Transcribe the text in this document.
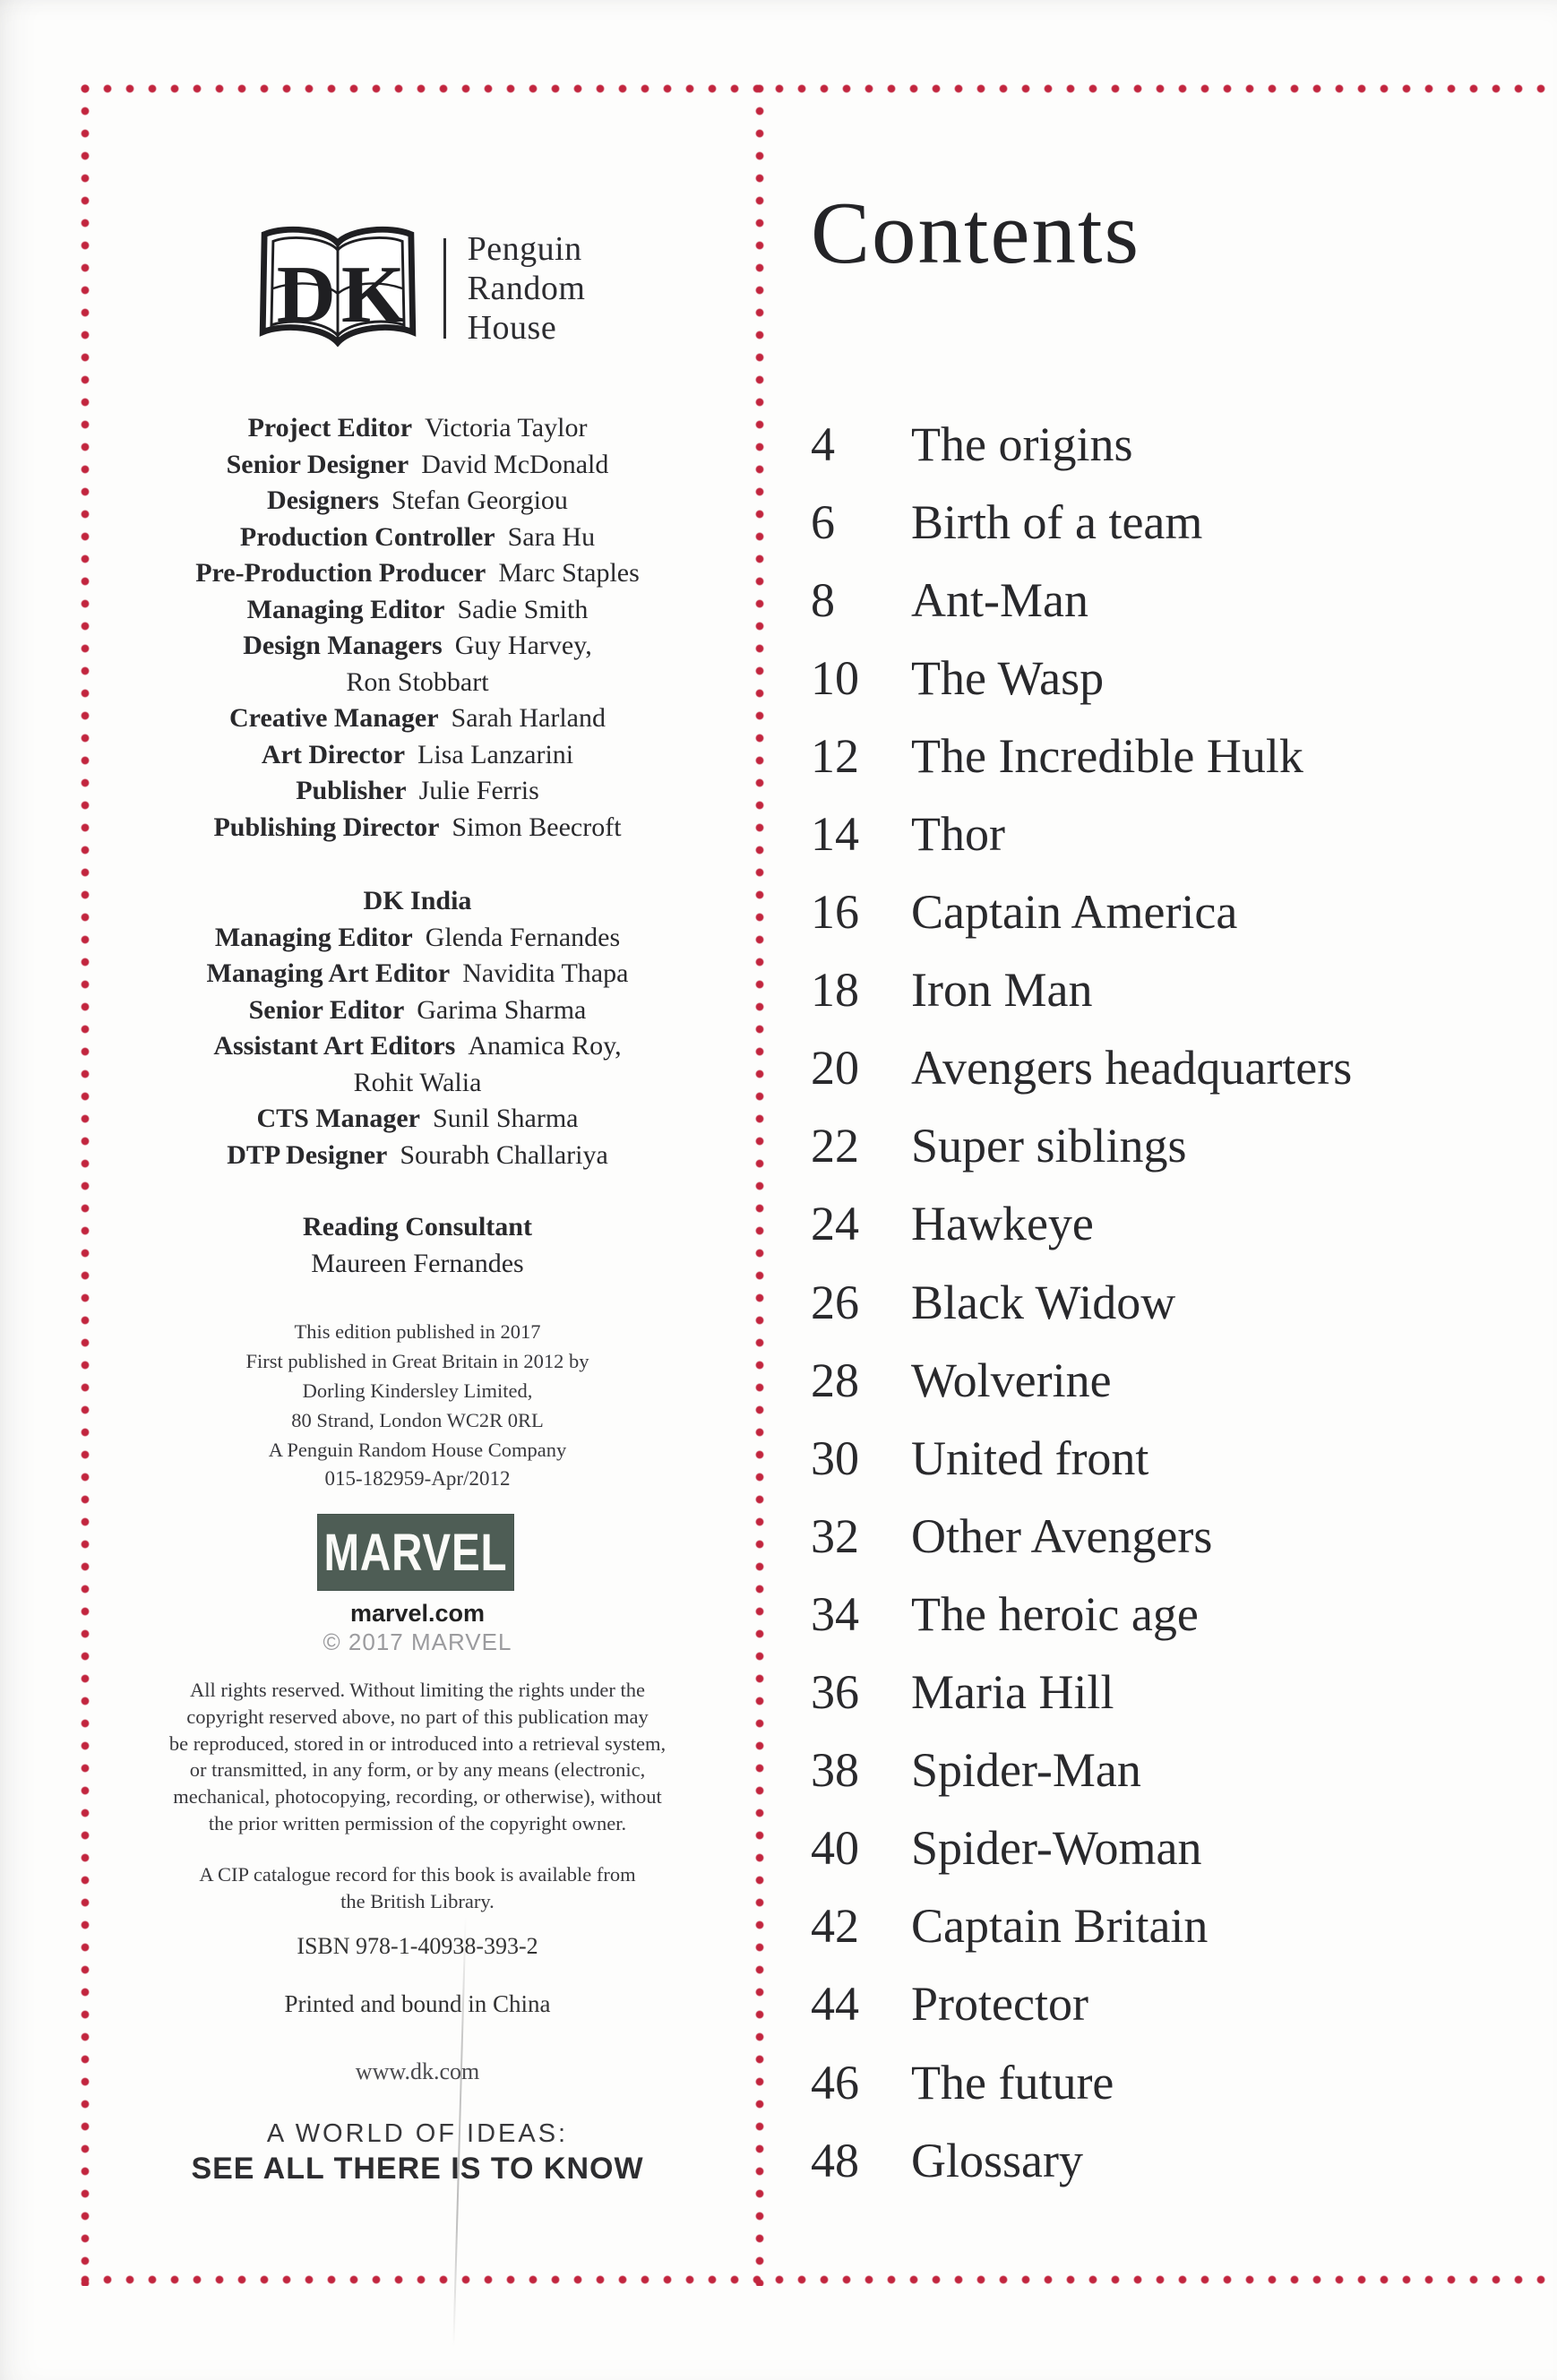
D K Penguin
Random
House
Project Editor Victoria Taylor
Senior Designer David McDonald
Designers Stefan Georgiou
Production Controller Sara Hu
Pre-Production Producer Marc Staples
Managing Editor Sadie Smith
Design Managers Guy Harvey,
Ron Stobbart
Creative Manager Sarah Harland
Art Director Lisa Lanzarini
Publisher Julie Ferris
Publishing Director Simon Beecroft
DK India
Managing Editor Glenda Fernandes
Managing Art Editor Navidita Thapa
Senior Editor Garima Sharma
Assistant Art Editors Anamica Roy,
Rohit Walia
CTS Manager Sunil Sharma
DTP Designer Sourabh Challariya
Reading Consultant
Maureen Fernandes
This edition published in 2017
First published in Great Britain in 2012 by
Dorling Kindersley Limited,
80 Strand, London WC2R 0RL
A Penguin Random House Company
015-182959-Apr/2012
MARVEL
marvel.com
© 2017 MARVEL
All rights reserved. Without limiting the rights under the
copyright reserved above, no part of this publication may
be reproduced, stored in or introduced into a retrieval system,
or transmitted, in any form, or by any means (electronic,
mechanical, photocopying, recording, or otherwise), without
the prior written permission of the copyright owner.
A CIP catalogue record for this book is available from
the British Library.
ISBN 978-1-40938-393-2
Printed and bound in China
www.dk.com
A WORLD OF IDEAS:
SEE ALL THERE IS TO KNOW
Contents
4	The origins
6	Birth of a team
8	Ant-Man
10	The Wasp
12	The Incredible Hulk
14	Thor
16	Captain America
18	Iron Man
20	Avengers headquarters
22	Super siblings
24	Hawkeye
26	Black Widow
28	Wolverine
30	United front
32	Other Avengers
34	The heroic age
36	Maria Hill
38	Spider-Man
40	Spider-Woman
42	Captain Britain
44	Protector
46	The future
48	Glossary
